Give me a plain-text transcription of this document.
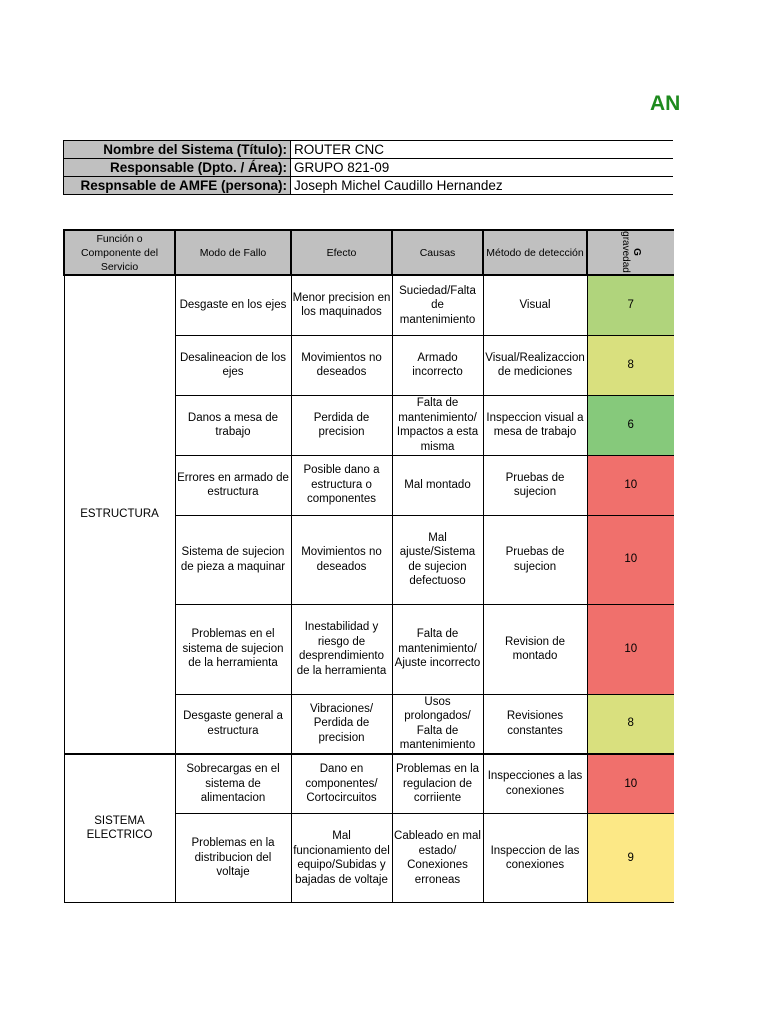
AN
Nombre del Sistema (Título):	ROUTER CNC
Responsable (Dpto. / Área):	GRUPO 821-09
Respnsable de AMFE (persona):	Joseph Michel Caudillo Hernandez
Función o Componente del Servicio	Modo de Fallo	Efecto	Causas	Método de detección	G
gravedad
ESTRUCTURA	Desgaste en los ejes	Menor precision en los maquinados	Suciedad/Falta de mantenimiento	Visual	7
	Desalineacion de los ejes	Movimientos no deseados	Armado incorrecto	Visual/Realizaccion de mediciones	8
	Danos a mesa de trabajo	Perdida de precision	Falta de mantenimiento/ Impactos a esta misma	Inspeccion visual a mesa de trabajo	6
	Errores en armado de estructura	Posible dano a estructura o componentes	Mal montado	Pruebas de sujecion	10
	Sistema de sujecion de pieza a maquinar	Movimientos no deseados	Mal ajuste/Sistema de sujecion defectuoso	Pruebas de sujecion	10
	Problemas en el sistema de sujecion de la herramienta	Inestabilidad y riesgo de desprendimiento de la herramienta	Falta de mantenimiento/ Ajuste incorrecto	Revision de montado	10
	Desgaste general a estructura	Vibraciones/ Perdida de precision	Usos prolongados/ Falta de mantenimiento	Revisiones constantes	8
SISTEMA ELECTRICO	Sobrecargas en el sistema de alimentacion	Dano en componentes/ Cortocircuitos	Problemas en la regulacion de corriiente	Inspecciones a las conexiones	10
	Problemas en la distribucion del voltaje	Mal funcionamiento del equipo/Subidas y bajadas de voltaje	Cableado en mal estado/ Conexiones erroneas	Inspeccion de las conexiones	9
